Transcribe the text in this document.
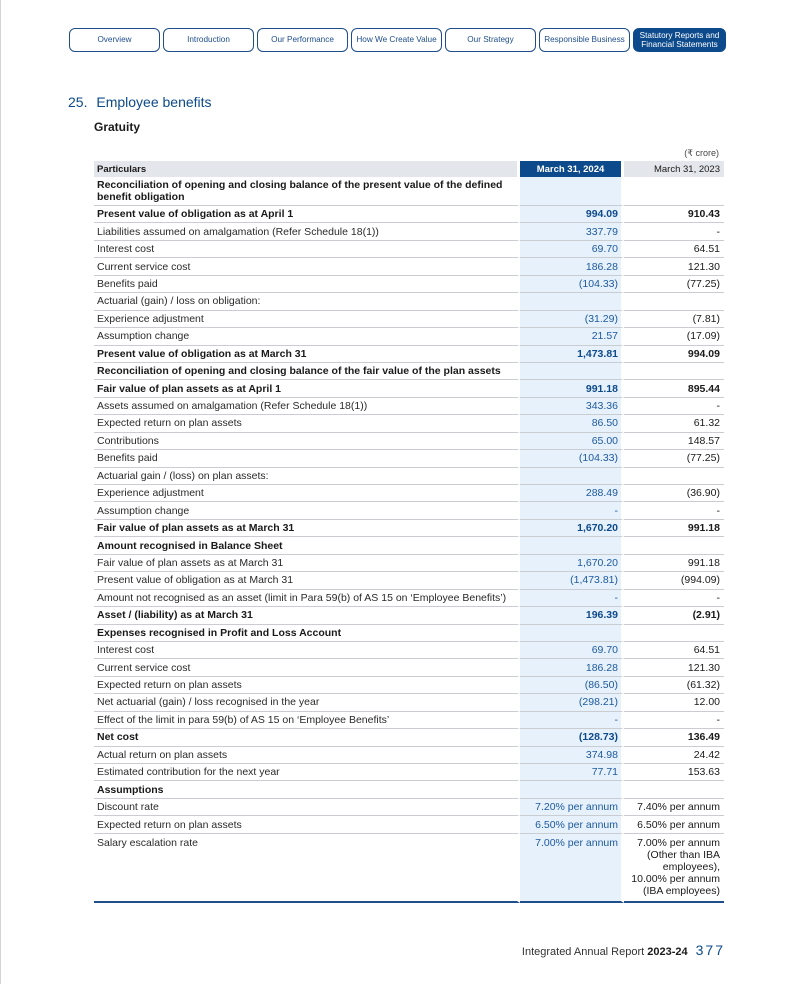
Overview	Introduction	Our Performance	How We Create Value	Our Strategy	Responsible Business	Statutory Reports and Financial Statements
25. Employee benefits
Gratuity
(₹ crore)
Particulars	March 31, 2024	March 31, 2023
Reconciliation of opening and closing balance of the present value of the defined benefit obligation		
Present value of obligation as at April 1	994.09	910.43
Liabilities assumed on amalgamation (Refer Schedule 18(1))	337.79	-
Interest cost	69.70	64.51
Current service cost	186.28	121.30
Benefits paid	(104.33)	(77.25)
Actuarial (gain) / loss on obligation:		
Experience adjustment	(31.29)	(7.81)
Assumption change	21.57	(17.09)
Present value of obligation as at March 31	1,473.81	994.09
Reconciliation of opening and closing balance of the fair value of the plan assets		
Fair value of plan assets as at April 1	991.18	895.44
Assets assumed on amalgamation (Refer Schedule 18(1))	343.36	-
Expected return on plan assets	86.50	61.32
Contributions	65.00	148.57
Benefits paid	(104.33)	(77.25)
Actuarial gain / (loss) on plan assets:		
Experience adjustment	288.49	(36.90)
Assumption change	-	-
Fair value of plan assets as at March 31	1,670.20	991.18
Amount recognised in Balance Sheet		
Fair value of plan assets as at March 31	1,670.20	991.18
Present value of obligation as at March 31	(1,473.81)	(994.09)
Amount not recognised as an asset (limit in Para 59(b) of AS 15 on ‘Employee Benefits’)	-	-
Asset / (liability) as at March 31	196.39	(2.91)
Expenses recognised in Profit and Loss Account		
Interest cost	69.70	64.51
Current service cost	186.28	121.30
Expected return on plan assets	(86.50)	(61.32)
Net actuarial (gain) / loss recognised in the year	(298.21)	12.00
Effect of the limit in para 59(b) of AS 15 on ‘Employee Benefits’	-	-
Net cost	(128.73)	136.49
Actual return on plan assets	374.98	24.42
Estimated contribution for the next year	77.71	153.63
Assumptions		
Discount rate	7.20% per annum	7.40% per annum
Expected return on plan assets	6.50% per annum	6.50% per annum
Salary escalation rate	7.00% per annum	7.00% per annum (Other than IBA employees), 10.00% per annum (IBA employees)
Integrated Annual Report 2023-24 377
